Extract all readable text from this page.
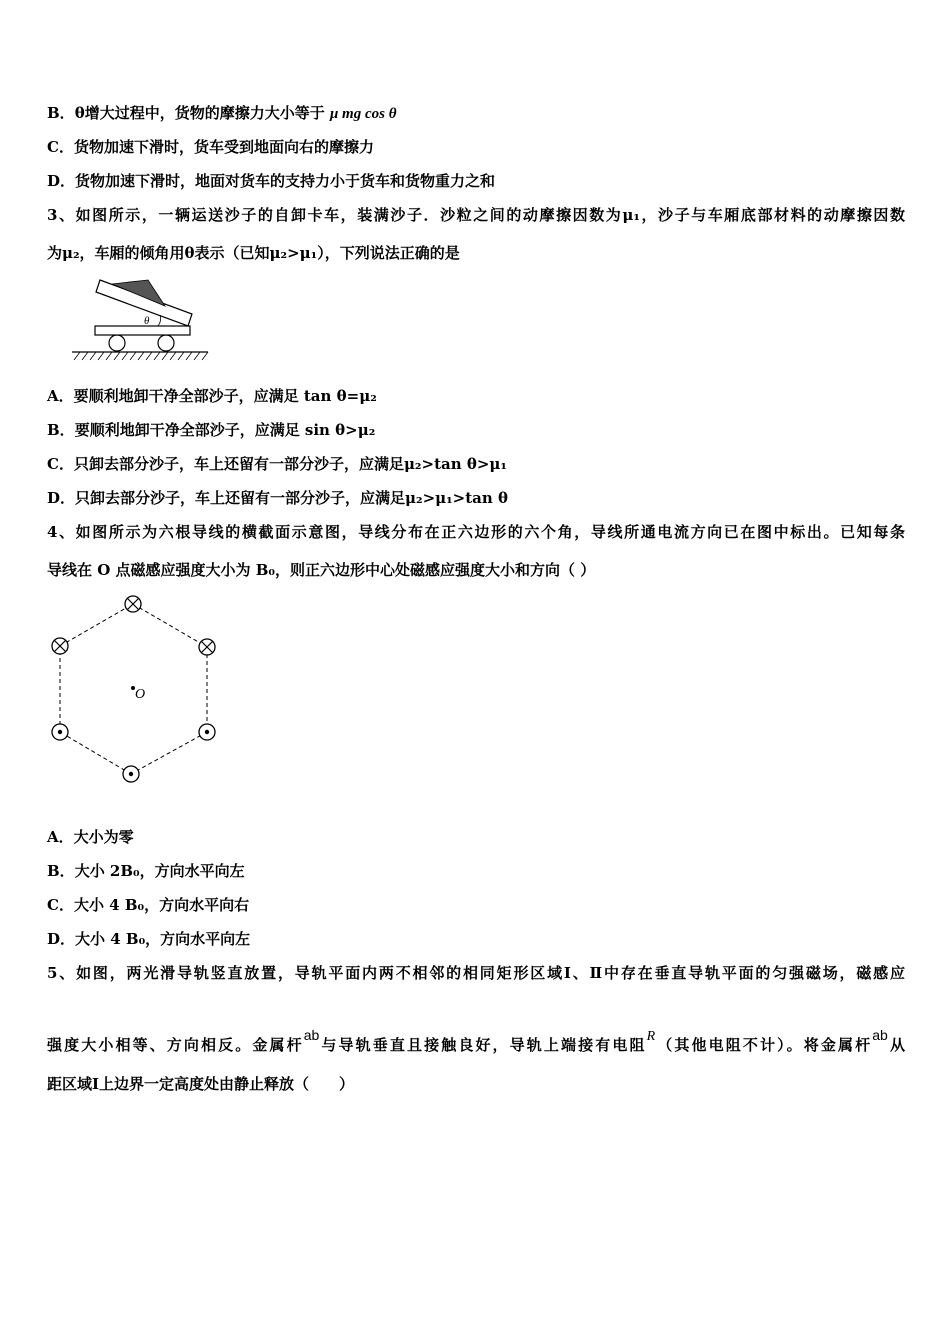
B．θ增大过程中，货物的摩擦力大小等于 μ mg cos θ
C．货物加速下滑时，货车受到地面向右的摩擦力
D．货物加速下滑时，地面对货车的支持力小于货车和货物重力之和
3、如图所示，一辆运送沙子的自卸卡车，装满沙子．沙粒之间的动摩擦因数为μ₁，沙子与车厢底部材料的动摩擦因数
为μ₂，车厢的倾角用θ表示（已知μ₂>μ₁），下列说法正确的是
θ
A．要顺利地卸干净全部沙子，应满足 tan θ=μ₂
B．要顺利地卸干净全部沙子，应满足 sin θ>μ₂
C．只卸去部分沙子，车上还留有一部分沙子，应满足μ₂>tan θ>μ₁
D．只卸去部分沙子，车上还留有一部分沙子，应满足μ₂>μ₁>tan θ
4、如图所示为六根导线的横截面示意图，导线分布在正六边形的六个角，导线所通电流方向已在图中标出。已知每条
导线在 O 点磁感应强度大小为 B₀，则正六边形中心处磁感应强度大小和方向（ ）
O
A．大小为零
B．大小 2B₀，方向水平向左
C．大小 4 B₀，方向水平向右
D．大小 4 B₀，方向水平向左
5、如图，两光滑导轨竖直放置，导轨平面内两不相邻的相同矩形区域Ⅰ、Ⅱ中存在垂直导轨平面的匀强磁场，磁感应
强度大小相等、方向相反。金属杆$^{ab}$与导轨垂直且接触良好，导轨上端接有电阻$^R$（其他电阻不计）。将金属杆$^{ab}$从
距区域Ⅰ上边界一定高度处由静止释放（　　）
